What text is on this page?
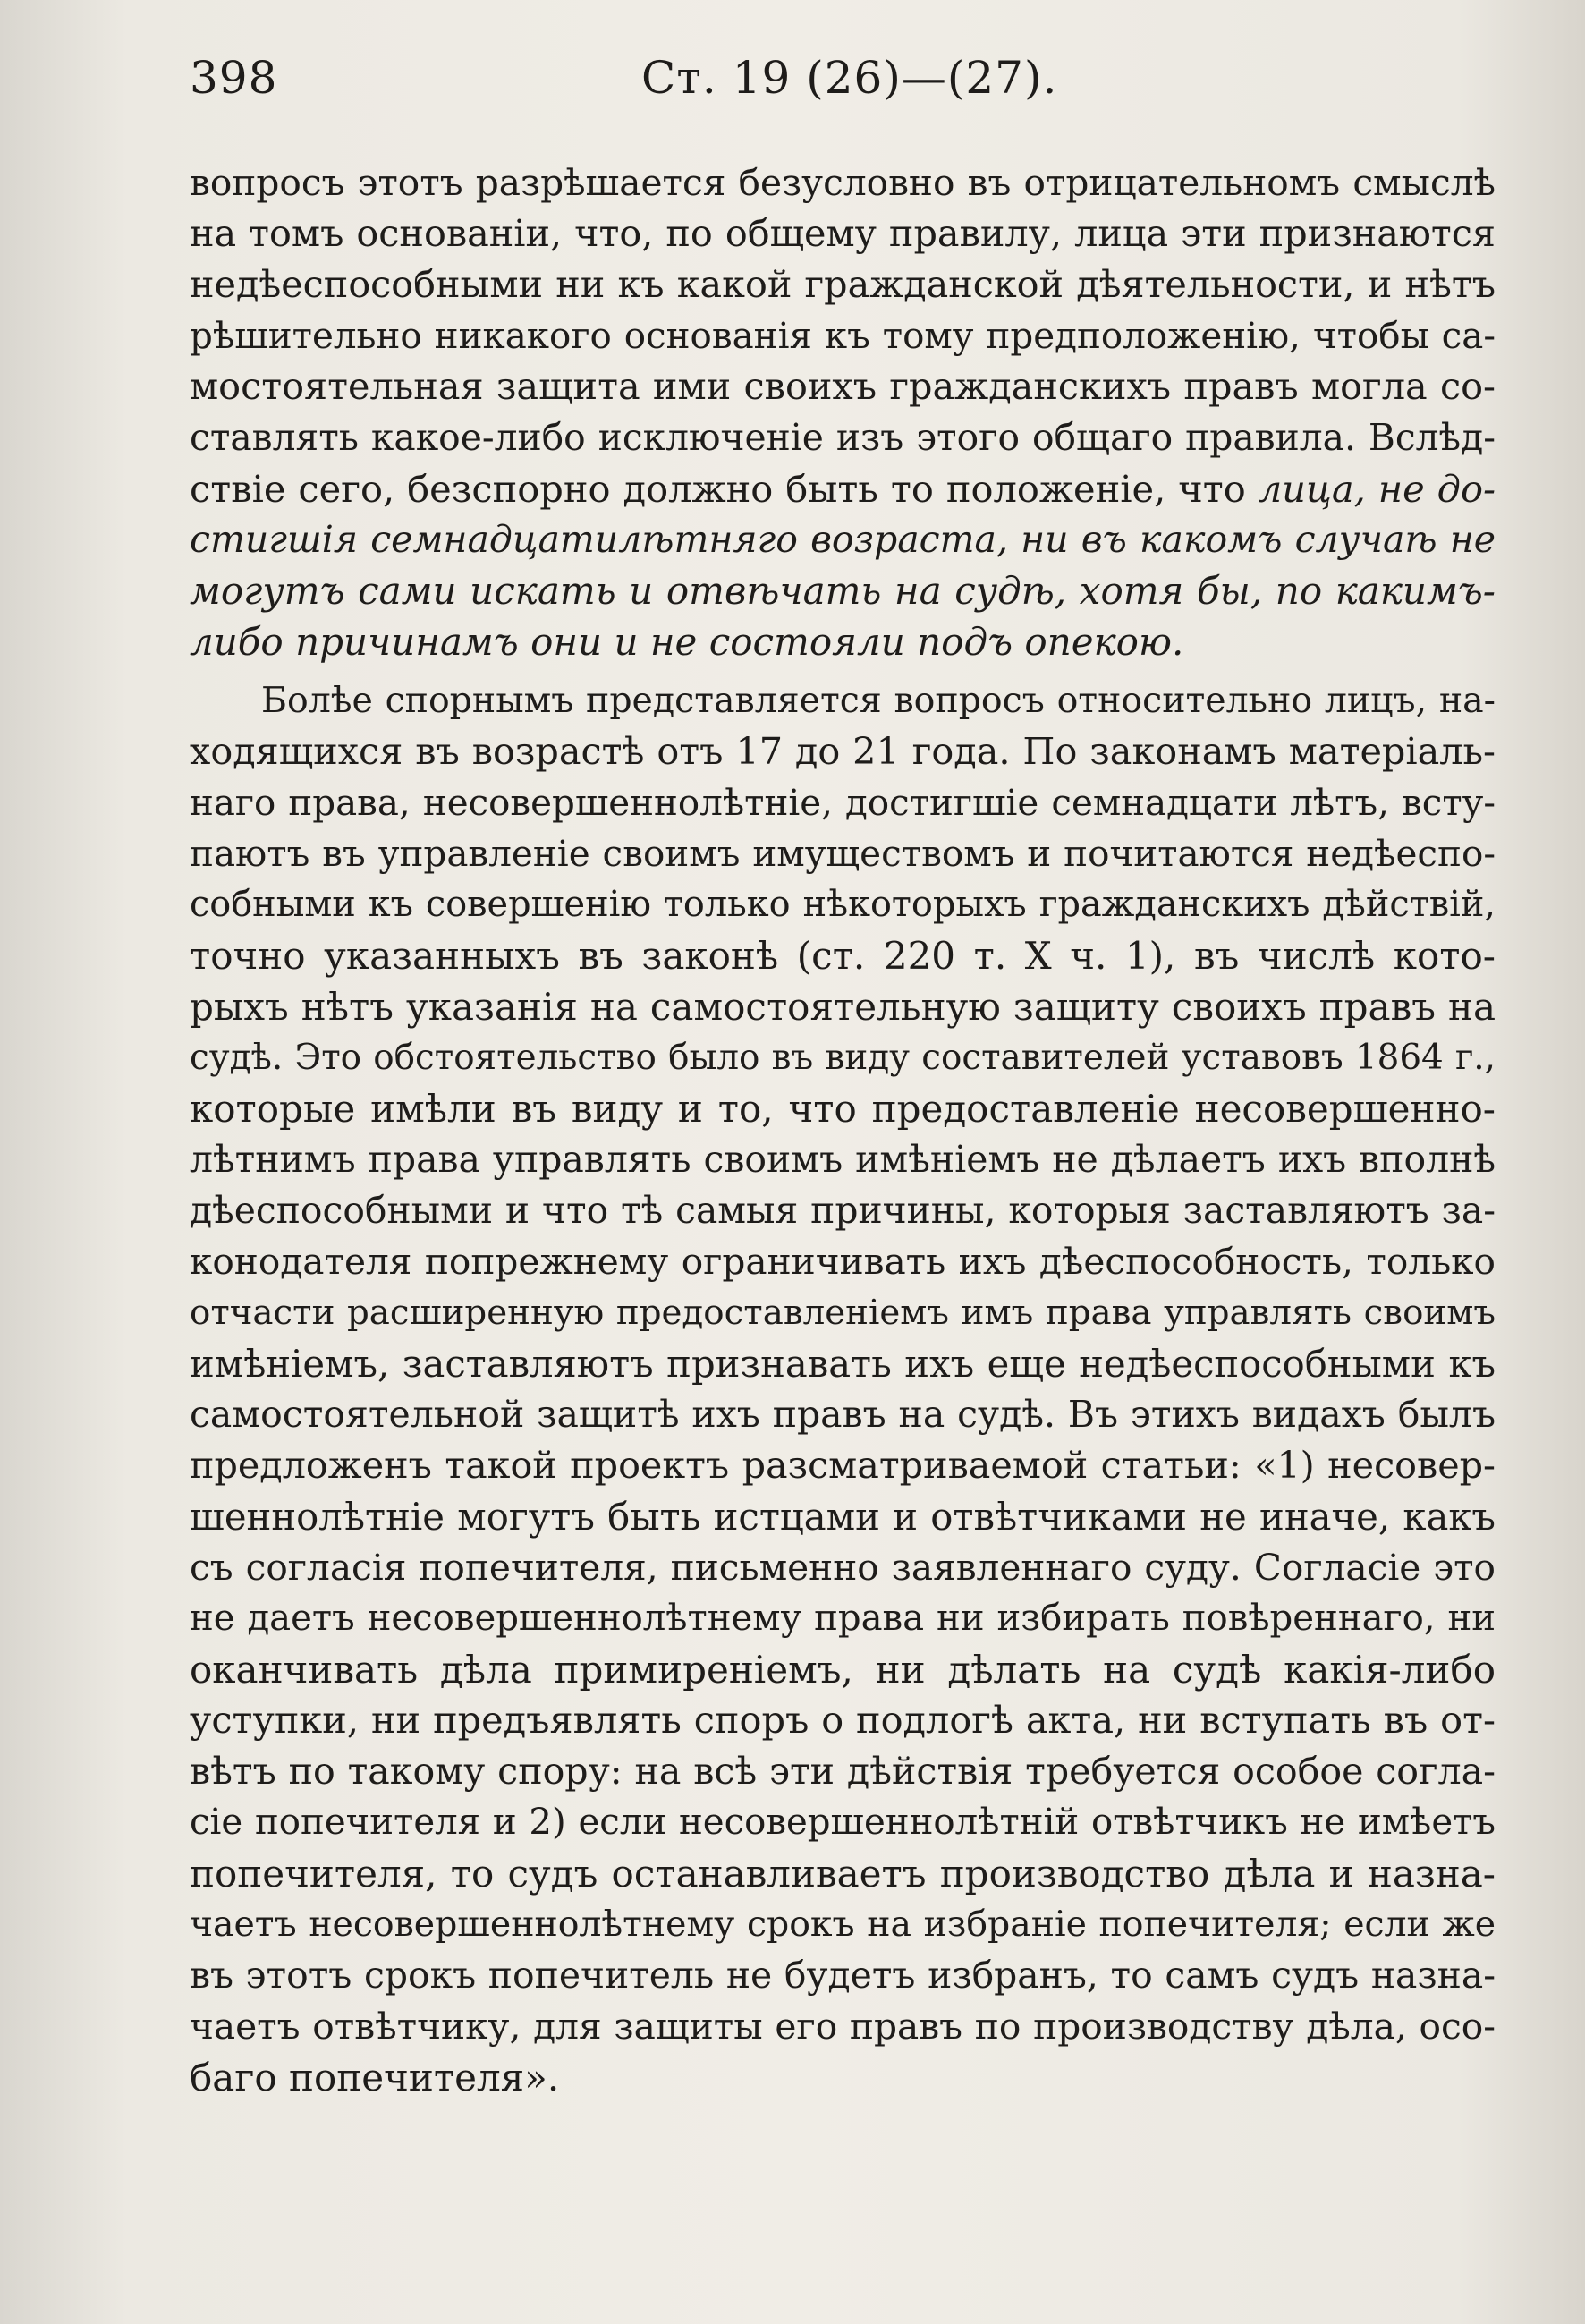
398	Ст. 19 (26)—(27).
вопросъ этотъ разрѣшается безусловно въ отрицательномъ смыслѣ
на томъ основаніи, что, по общему правилу, лица эти признаются
недѣеспособными ни къ какой гражданской дѣятельности, и нѣтъ
рѣшительно никакого основанія къ тому предположенію, чтобы са-
мостоятельная защита ими своихъ гражданскихъ правъ могла со-
ставлять какое-либо исключеніе изъ этого общаго правила. Вслѣд-
ствіе сего, безспорно должно быть то положеніе, что лица, не до-
стигшія семнадцатилѣтняго возраста, ни въ какомъ случаѣ не
могутъ сами искать и отвѣчать на судѣ, хотя бы, по какимъ-
либо причинамъ они и не состояли подъ опекою.
Болѣе спорнымъ представляется вопросъ относительно лицъ, на-
ходящихся въ возрастѣ отъ 17 до 21 года. По законамъ матеріаль-
наго права, несовершеннолѣтніе, достигшіе семнадцати лѣтъ, всту-
паютъ въ управленіе своимъ имуществомъ и почитаются недѣеспо-
собными къ совершенію только нѣкоторыхъ гражданскихъ дѣйствій,
точно указанныхъ въ законѣ (ст. 220 т. X ч. 1), въ числѣ кото-
рыхъ нѣтъ указанія на самостоятельную защиту своихъ правъ на
судѣ. Это обстоятельство было въ виду составителей уставовъ 1864 г.,
которые имѣли въ виду и то, что предоставленіе несовершенно-
лѣтнимъ права управлять своимъ имѣніемъ не дѣлаетъ ихъ вполнѣ
дѣеспособными и что тѣ самыя причины, которыя заставляютъ за-
конодателя попрежнему ограничивать ихъ дѣеспособность, только
отчасти расширенную предоставленіемъ имъ права управлять своимъ
имѣніемъ, заставляютъ признавать ихъ еще недѣеспособными къ
самостоятельной защитѣ ихъ правъ на судѣ. Въ этихъ видахъ былъ
предложенъ такой проектъ разсматриваемой статьи: «1) несовер-
шеннолѣтніе могутъ быть истцами и отвѣтчиками не иначе, какъ
съ согласія попечителя, письменно заявленнаго суду. Согласіе это
не даетъ несовершеннолѣтнему права ни избирать повѣреннаго, ни
оканчивать дѣла примиреніемъ, ни дѣлать на судѣ какія-либо
уступки, ни предъявлять споръ о подлогѣ акта, ни вступать въ от-
вѣтъ по такому спору: на всѣ эти дѣйствія требуется особое согла-
сіе попечителя и 2) если несовершеннолѣтній отвѣтчикъ не имѣетъ
попечителя, то судъ останавливаетъ производство дѣла и назна-
чаетъ несовершеннолѣтнему срокъ на избраніе попечителя; если же
въ этотъ срокъ попечитель не будетъ избранъ, то самъ судъ назна-
чаетъ отвѣтчику, для защиты его правъ по производству дѣла, осо-
баго попечителя».
